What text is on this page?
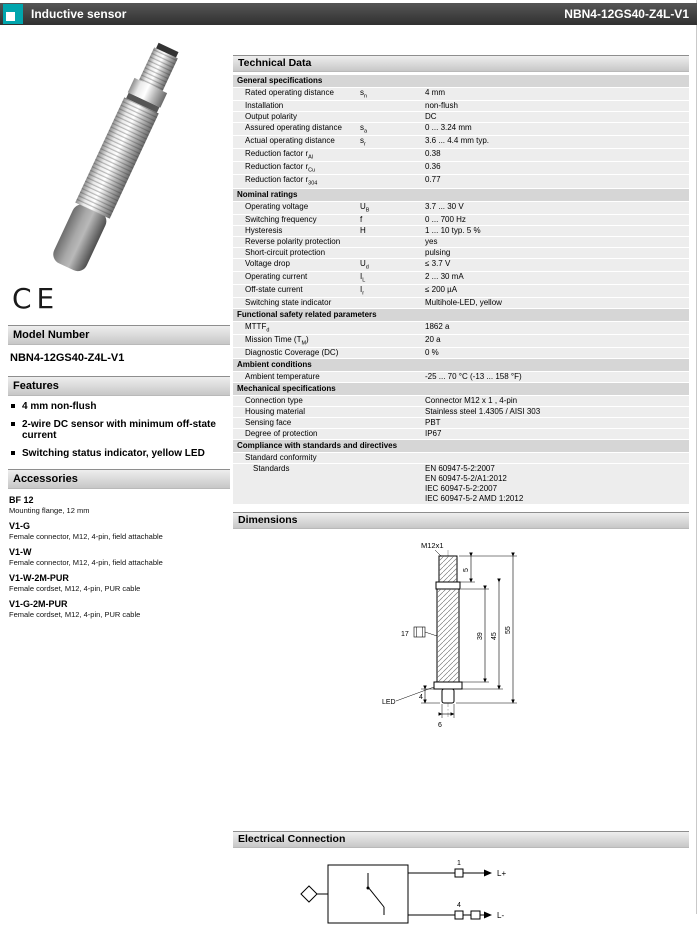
Inductive sensor	NBN4-12GS40-Z4L-V1
CE
Model Number
NBN4-12GS40-Z4L-V1
Features
4 mm non-flush
2-wire DC sensor with minimum off-state current
Switching status indicator, yellow LED
Accessories
BF 12
Mounting flange, 12 mm
V1-G
Female connector, M12, 4-pin, field attachable
V1-W
Female connector, M12, 4-pin, field attachable
V1-W-2M-PUR
Female cordset, M12, 4-pin, PUR cable
V1-G-2M-PUR
Female cordset, M12, 4-pin, PUR cable
Technical Data
General specifications
Rated operating distance	$s_n$	4 mm
Installation	non-flush
Output polarity	DC
Assured operating distance	$s_a$	0 ... 3.24 mm
Actual operating distance	$s_r$	3.6 ... 4.4 mm typ.
Reduction factor $r_{Al}$	0.38
Reduction factor $r_{Cu}$	0.36
Reduction factor $r_{304}$	0.77
Nominal ratings
Operating voltage	$U_B$	3.7 ... 30 V
Switching frequency	f	0 ... 700 Hz
Hysteresis	H	1 ... 10 typ. 5 %
Reverse polarity protection	yes
Short-circuit protection	pulsing
Voltage drop	$U_d$	≤ 3.7 V
Operating current	$I_L$	2 ... 30 mA
Off-state current	$I_r$	≤ 200 µA
Switching state indicator	Multihole-LED, yellow
Functional safety related parameters
$MTTF_d$	1862 a
Mission Time $(T_M)$	20 a
Diagnostic Coverage (DC)	0 %
Ambient conditions
Ambient temperature	-25 ... 70 °C (-13 ... 158 °F)
Mechanical specifications
Connection type	Connector M12 x 1 , 4-pin
Housing material	Stainless steel 1.4305 / AISI 303
Sensing face	PBT
Degree of protection	IP67
Compliance with standards and directives
Standard conformity
Standards	EN 60947-5-2:2007
EN 60947-5-2/A1:2012
IEC 60947-5-2:2007
IEC 60947-5-2 AMD 1:2012
Dimensions
M12x1
17
LED
4
6
5
39 45
55
Electrical Connection
1
L+
4
L-
